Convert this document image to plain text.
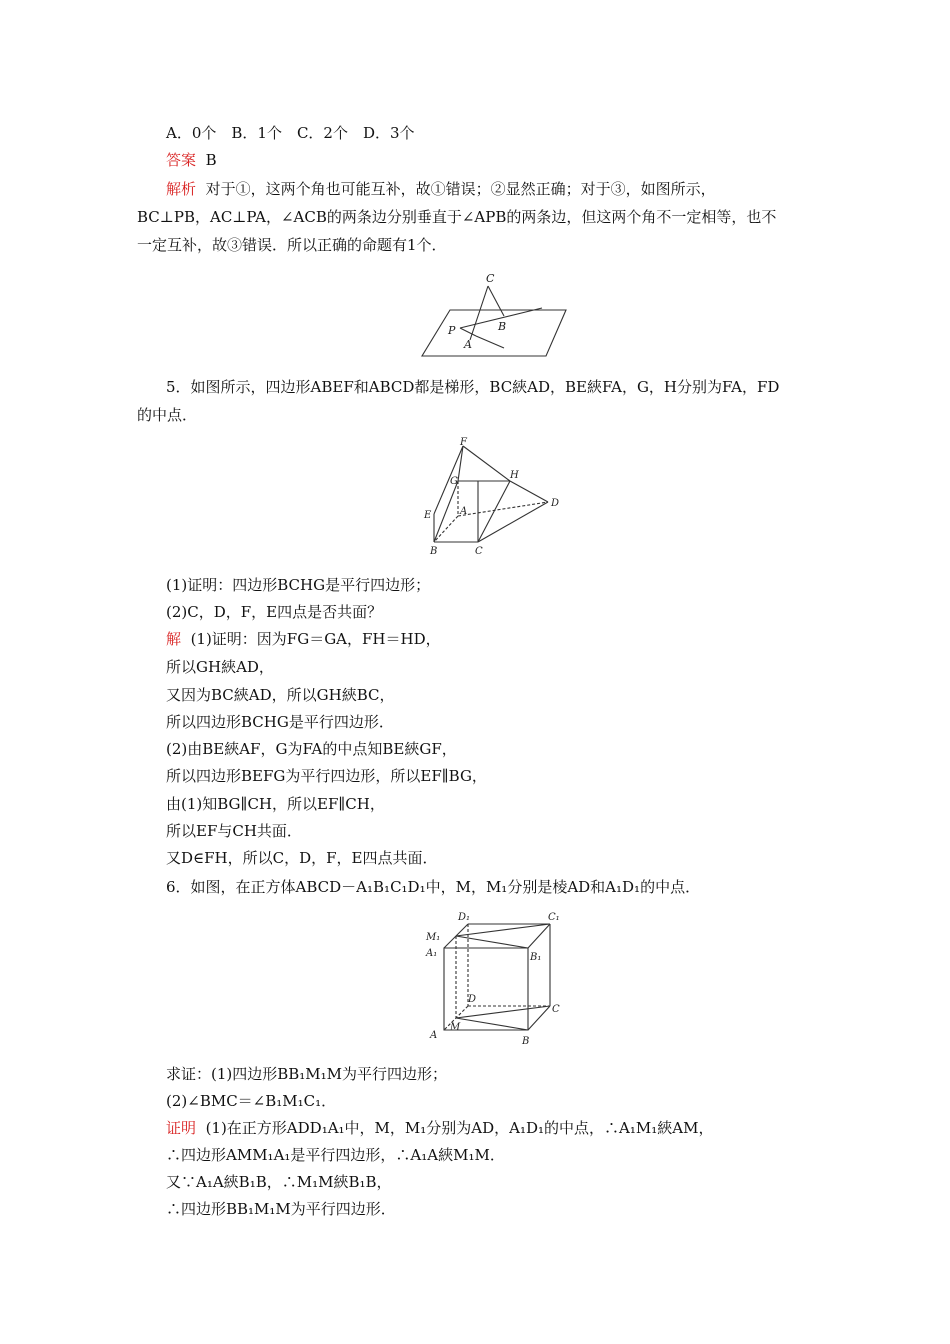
A．0个　B．1个　C．2个　D．3个
答案 B
解析 对于①，这两个角也可能互补，故①错误；②显然正确；对于③，如图所示，
BC⊥PB，AC⊥PA，∠ACB的两条边分别垂直于∠APB的两条边，但这两个角不一定相等，也不
一定互补，故③错误．所以正确的命题有1个．
C
P	B
A
5．如图所示，四边形ABEF和ABCD都是梯形，BC綊AD，BE綊FA，G，H分别为FA，FD
的中点．
F
H
G
A
D
E
B	C
(1)证明：四边形BCHG是平行四边形；
(2)C，D，F，E四点是否共面？
解 (1)证明：因为FG＝GA，FH＝HD，
所以GH綊AD，
又因为BC綊AD，所以GH綊BC，
所以四边形BCHG是平行四边形．
(2)由BE綊AF，G为FA的中点知BE綊GF，
所以四边形BEFG为平行四边形，所以EF∥BG，
由(1)知BG∥CH，所以EF∥CH，
所以EF与CH共面．
又D∈FH，所以C，D，F，E四点共面．
6．如图，在正方体ABCD－A₁B₁C₁D₁中，M，M₁分别是棱AD和A₁D₁的中点．
D₁	C₁
M₁
A₁	B₁
D
C
A
M
B
求证：(1)四边形BB₁M₁M为平行四边形；
(2)∠BMC＝∠B₁M₁C₁．
证明 (1)在正方形ADD₁A₁中，M，M₁分别为AD，A₁D₁的中点，∴A₁M₁綊AM，
∴四边形AMM₁A₁是平行四边形，∴A₁A綊M₁M．
又∵A₁A綊B₁B，∴M₁M綊B₁B，
∴四边形BB₁M₁M为平行四边形．
